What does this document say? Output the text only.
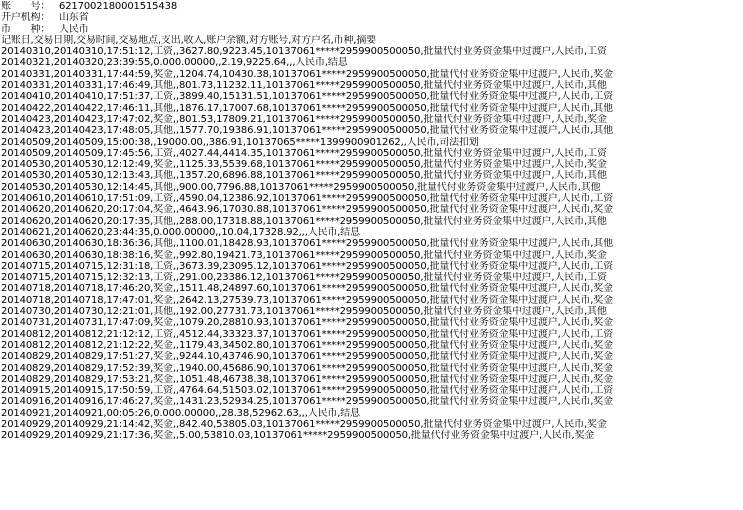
账　　号： 6217002180001515438
开户机构： 山东省
币　　种： 人民币
记账日,交易日期,交易时间,交易地点,支出,收入,账户余额,对方账号,对方户名,币种,摘要
20140310,20140310,17:51:12,工资,,3627.80,9223.45,10137061*****2959900500050,批量代付业务资金集中过渡户,人民币,工资
20140321,20140320,23:39:55,0.000.00000,,2.19,9225.64,,,人民币,结息
20140331,20140331,17:44:59,奖金,,1204.74,10430.38,10137061*****2959900500050,批量代付业务资金集中过渡户,人民币,奖金
20140331,20140331,17:46:49,其他,,801.73,11232.11,10137061*****2959900500050,批量代付业务资金集中过渡户,人民币,其他
20140410,20140410,17:51:37,工资,,3899.40,15131.51,10137061*****2959900500050,批量代付业务资金集中过渡户,人民币,工资
20140422,20140422,17:46:11,其他,,1876.17,17007.68,10137061*****2959900500050,批量代付业务资金集中过渡户,人民币,其他
20140423,20140423,17:47:02,奖金,,801.53,17809.21,10137061*****2959900500050,批量代付业务资金集中过渡户,人民币,奖金
20140423,20140423,17:48:05,其他,,1577.70,19386.91,10137061*****2959900500050,批量代付业务资金集中过渡户,人民币,其他
20140509,20140509,15:00:38,,19000.00,,386.91,10137065*****1399900901262,,人民币,司法扣划
20140509,20140509,17:45:56,工资,,4027.44,4414.35,10137061*****2959900500050,批量代付业务资金集中过渡户,人民币,工资
20140530,20140530,12:12:49,奖金,,1125.33,5539.68,10137061*****2959900500050,批量代付业务资金集中过渡户,人民币,奖金
20140530,20140530,12:13:43,其他,,1357.20,6896.88,10137061*****2959900500050,批量代付业务资金集中过渡户,人民币,其他
20140530,20140530,12:14:45,其他,,900.00,7796.88,10137061*****2959900500050,批量代付业务资金集中过渡户,人民币,其他
20140610,20140610,17:51:09,工资,,4590.04,12386.92,10137061*****2959900500050,批量代付业务资金集中过渡户,人民币,工资
20140620,20140620,20:17:04,奖金,,4643.96,17030.88,10137061*****2959900500050,批量代付业务资金集中过渡户,人民币,奖金
20140620,20140620,20:17:35,其他,,288.00,17318.88,10137061*****2959900500050,批量代付业务资金集中过渡户,人民币,其他
20140621,20140620,23:44:35,0.000.00000,,10.04,17328.92,,,人民币,结息
20140630,20140630,18:36:36,其他,,1100.01,18428.93,10137061*****2959900500050,批量代付业务资金集中过渡户,人民币,其他
20140630,20140630,18:38:16,奖金,,992.80,19421.73,10137061*****2959900500050,批量代付业务资金集中过渡户,人民币,奖金
20140715,20140715,12:31:18,工资,,3673.39,23095.12,10137061*****2959900500050,批量代付业务资金集中过渡户,人民币,工资
20140715,20140715,12:32:13,工资,,291.00,23386.12,10137061*****2959900500050,批量代付业务资金集中过渡户,人民币,工资
20140718,20140718,17:46:20,奖金,,1511.48,24897.60,10137061*****2959900500050,批量代付业务资金集中过渡户,人民币,奖金
20140718,20140718,17:47:01,奖金,,2642.13,27539.73,10137061*****2959900500050,批量代付业务资金集中过渡户,人民币,奖金
20140730,20140730,12:21:01,其他,,192.00,27731.73,10137061*****2959900500050,批量代付业务资金集中过渡户,人民币,其他
20140731,20140731,17:47:09,奖金,,1079.20,28810.93,10137061*****2959900500050,批量代付业务资金集中过渡户,人民币,奖金
20140812,20140812,21:12:12,工资,,4512.44,33323.37,10137061*****2959900500050,批量代付业务资金集中过渡户,人民币,工资
20140812,20140812,21:12:22,奖金,,1179.43,34502.80,10137061*****2959900500050,批量代付业务资金集中过渡户,人民币,奖金
20140829,20140829,17:51:27,奖金,,9244.10,43746.90,10137061*****2959900500050,批量代付业务资金集中过渡户,人民币,奖金
20140829,20140829,17:52:39,奖金,,1940.00,45686.90,10137061*****2959900500050,批量代付业务资金集中过渡户,人民币,奖金
20140829,20140829,17:53:21,奖金,,1051.48,46738.38,10137061*****2959900500050,批量代付业务资金集中过渡户,人民币,奖金
20140915,20140915,17:50:59,工资,,4764.64,51503.02,10137061*****2959900500050,批量代付业务资金集中过渡户,人民币,工资
20140916,20140916,17:46:27,奖金,,1431.23,52934.25,10137061*****2959900500050,批量代付业务资金集中过渡户,人民币,奖金
20140921,20140921,00:05:26,0.000.00000,,28.38,52962.63,,,人民币,结息
20140929,20140929,21:14:42,奖金,,842.40,53805.03,10137061*****2959900500050,批量代付业务资金集中过渡户,人民币,奖金
20140929,20140929,21:17:36,奖金,,5.00,53810.03,10137061*****2959900500050,批量代付业务资金集中过渡户,人民币,奖金
